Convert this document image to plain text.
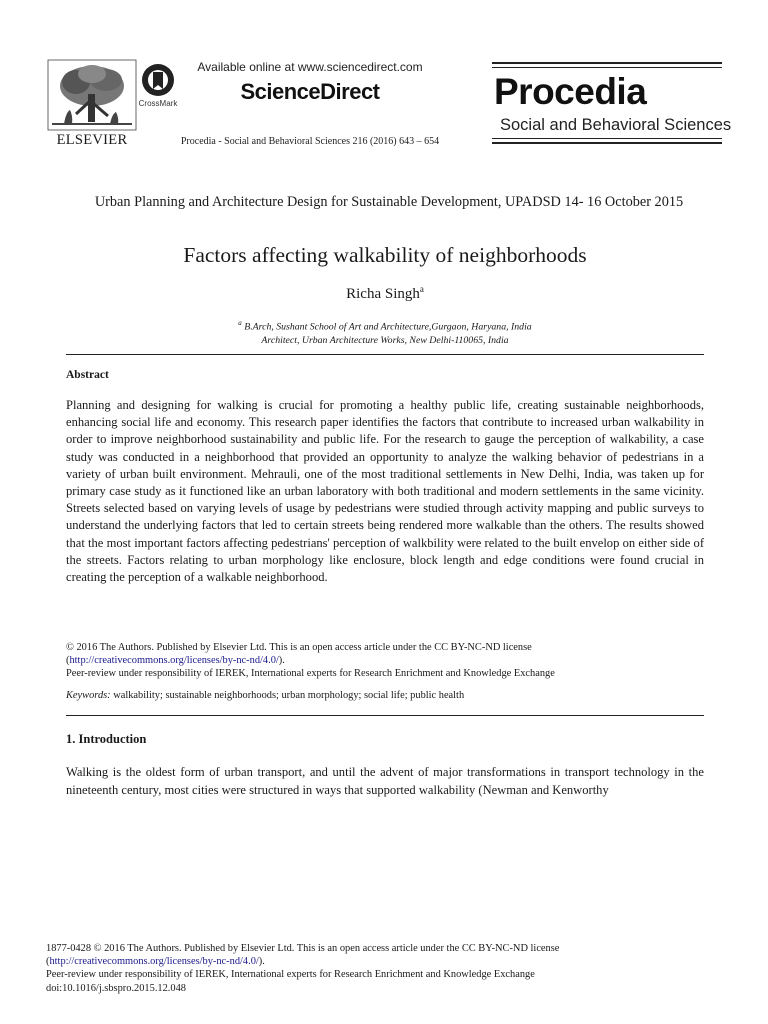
ELSEVIER
CrossMark
Available online at www.sciencedirect.com
ScienceDirect
Procedia - Social and Behavioral Sciences 216 (2016) 643 – 654
Procedia
Social and Behavioral Sciences
Urban Planning and Architecture Design for Sustainable Development, UPADSD 14- 16 October 2015
Factors affecting walkability of neighborhoods
Richa Singh$^a$
$^a$ B.Arch, Sushant School of Art and Architecture,Gurgaon, Haryana, India
Architect, Urban Architecture Works, New Delhi-110065, India
Abstract
Planning and designing for walking is crucial for promoting a healthy public life, creating sustainable neighborhoods, enhancing social life and economy. This research paper identifies the factors that contribute to increased urban walkability in order to improve neighborhood sustainability and public life. For the research to gauge the perception of walkability, a case study was conducted in a neighborhood that provided an opportunity to analyze the walking behavior of pedestrians in a variety of urban built environment. Mehrauli, one of the most traditional settlements in New Delhi, India, was taken up for primary case study as it functioned like an urban laboratory with both traditional and modern settlements in the same vicinity. Streets selected based on varying levels of usage by pedestrians were studied through activity mapping and public surveys to understand the underlying factors that led to certain streets being rendered more walkable than the others. The results showed that the most important factors affecting pedestrians' perception of walkbility were related to the built envelop on either side of the streets. Factors relating to urban morphology like enclosure, block length and edge conditions were found crucial in creating the perception of a walkable neighborhood.
© 2016 The Authors. Published by Elsevier Ltd. This is an open access article under the CC BY-NC-ND license
(http://creativecommons.org/licenses/by-nc-nd/4.0/).
Peer-review under responsibility of IEREK, International experts for Research Enrichment and Knowledge Exchange
Keywords: walkability; sustainable neighborhoods; urban morphology; social life; public health
1. Introduction
Walking is the oldest form of urban transport, and until the advent of major transformations in transport technology in the nineteenth century, most cities were structured in ways that supported walkability (Newman and Kenworthy
1877-0428 © 2016 The Authors. Published by Elsevier Ltd. This is an open access article under the CC BY-NC-ND license
(http://creativecommons.org/licenses/by-nc-nd/4.0/).
Peer-review under responsibility of IEREK, International experts for Research Enrichment and Knowledge Exchange
doi:10.1016/j.sbspro.2015.12.048
